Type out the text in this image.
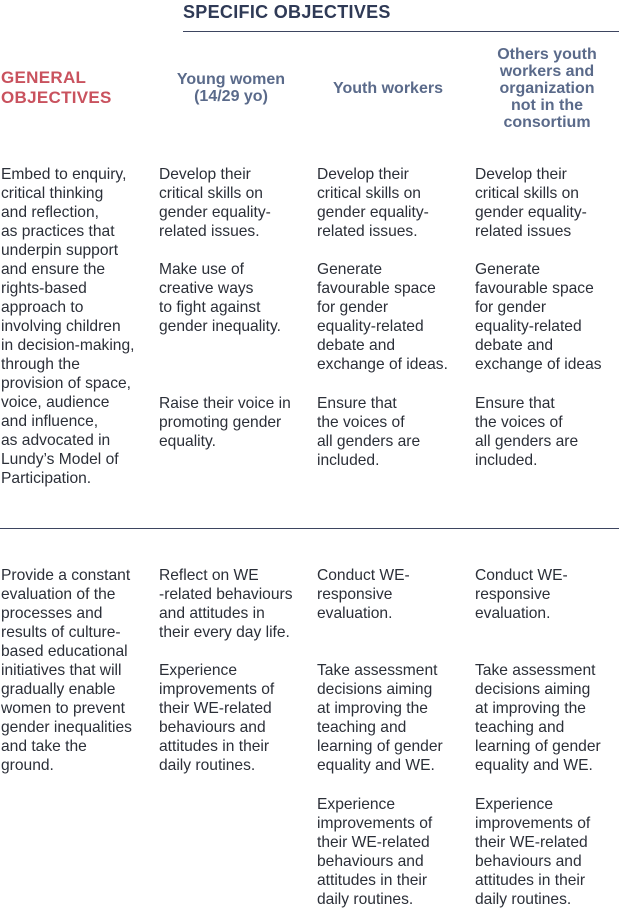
SPECIFIC OBJECTIVES
GENERAL
OBJECTIVES
Young women
(14/29 yo)	Youth workers
Others youth
workers and
organization
not in the
consortium
Embed to enquiry,
critical thinking
and reflection,
as practices that
underpin support
and ensure the
rights-based
approach to
involving children
in decision-making,
through the
provision of space,
voice, audience
and influence,
as advocated in
Lundy’s Model of
Participation.
Develop their
critical skills on
gender equality-
related issues.
Make use of
creative ways
to fight against
gender inequality.
Raise their voice in
promoting gender
equality.
Develop their
critical skills on
gender equality-
related issues.
Generate
favourable space
for gender
equality-related
debate and
exchange of ideas.
Ensure that
the voices of
all genders are
included.
Develop their
critical skills on
gender equality-
related issues
Generate
favourable space
for gender
equality-related
debate and
exchange of ideas
Ensure that
the voices of
all genders are
included.
Provide a constant
evaluation of the
processes and
results of culture-
based educational
initiatives that will
gradually enable
women to prevent
gender inequalities
and take the
ground.
Reflect on WE
-related behaviours
and attitudes in
their every day life.
Experience
improvements of
their WE-related
behaviours and
attitudes in their
daily routines.
Conduct WE-
responsive
evaluation.
Take assessment
decisions aiming
at improving the
teaching and
learning of gender
equality and WE.
Experience
improvements of
their WE-related
behaviours and
attitudes in their
daily routines.
Conduct WE-
responsive
evaluation.
Take assessment
decisions aiming
at improving the
teaching and
learning of gender
equality and WE.
Experience
improvements of
their WE-related
behaviours and
attitudes in their
daily routines.
